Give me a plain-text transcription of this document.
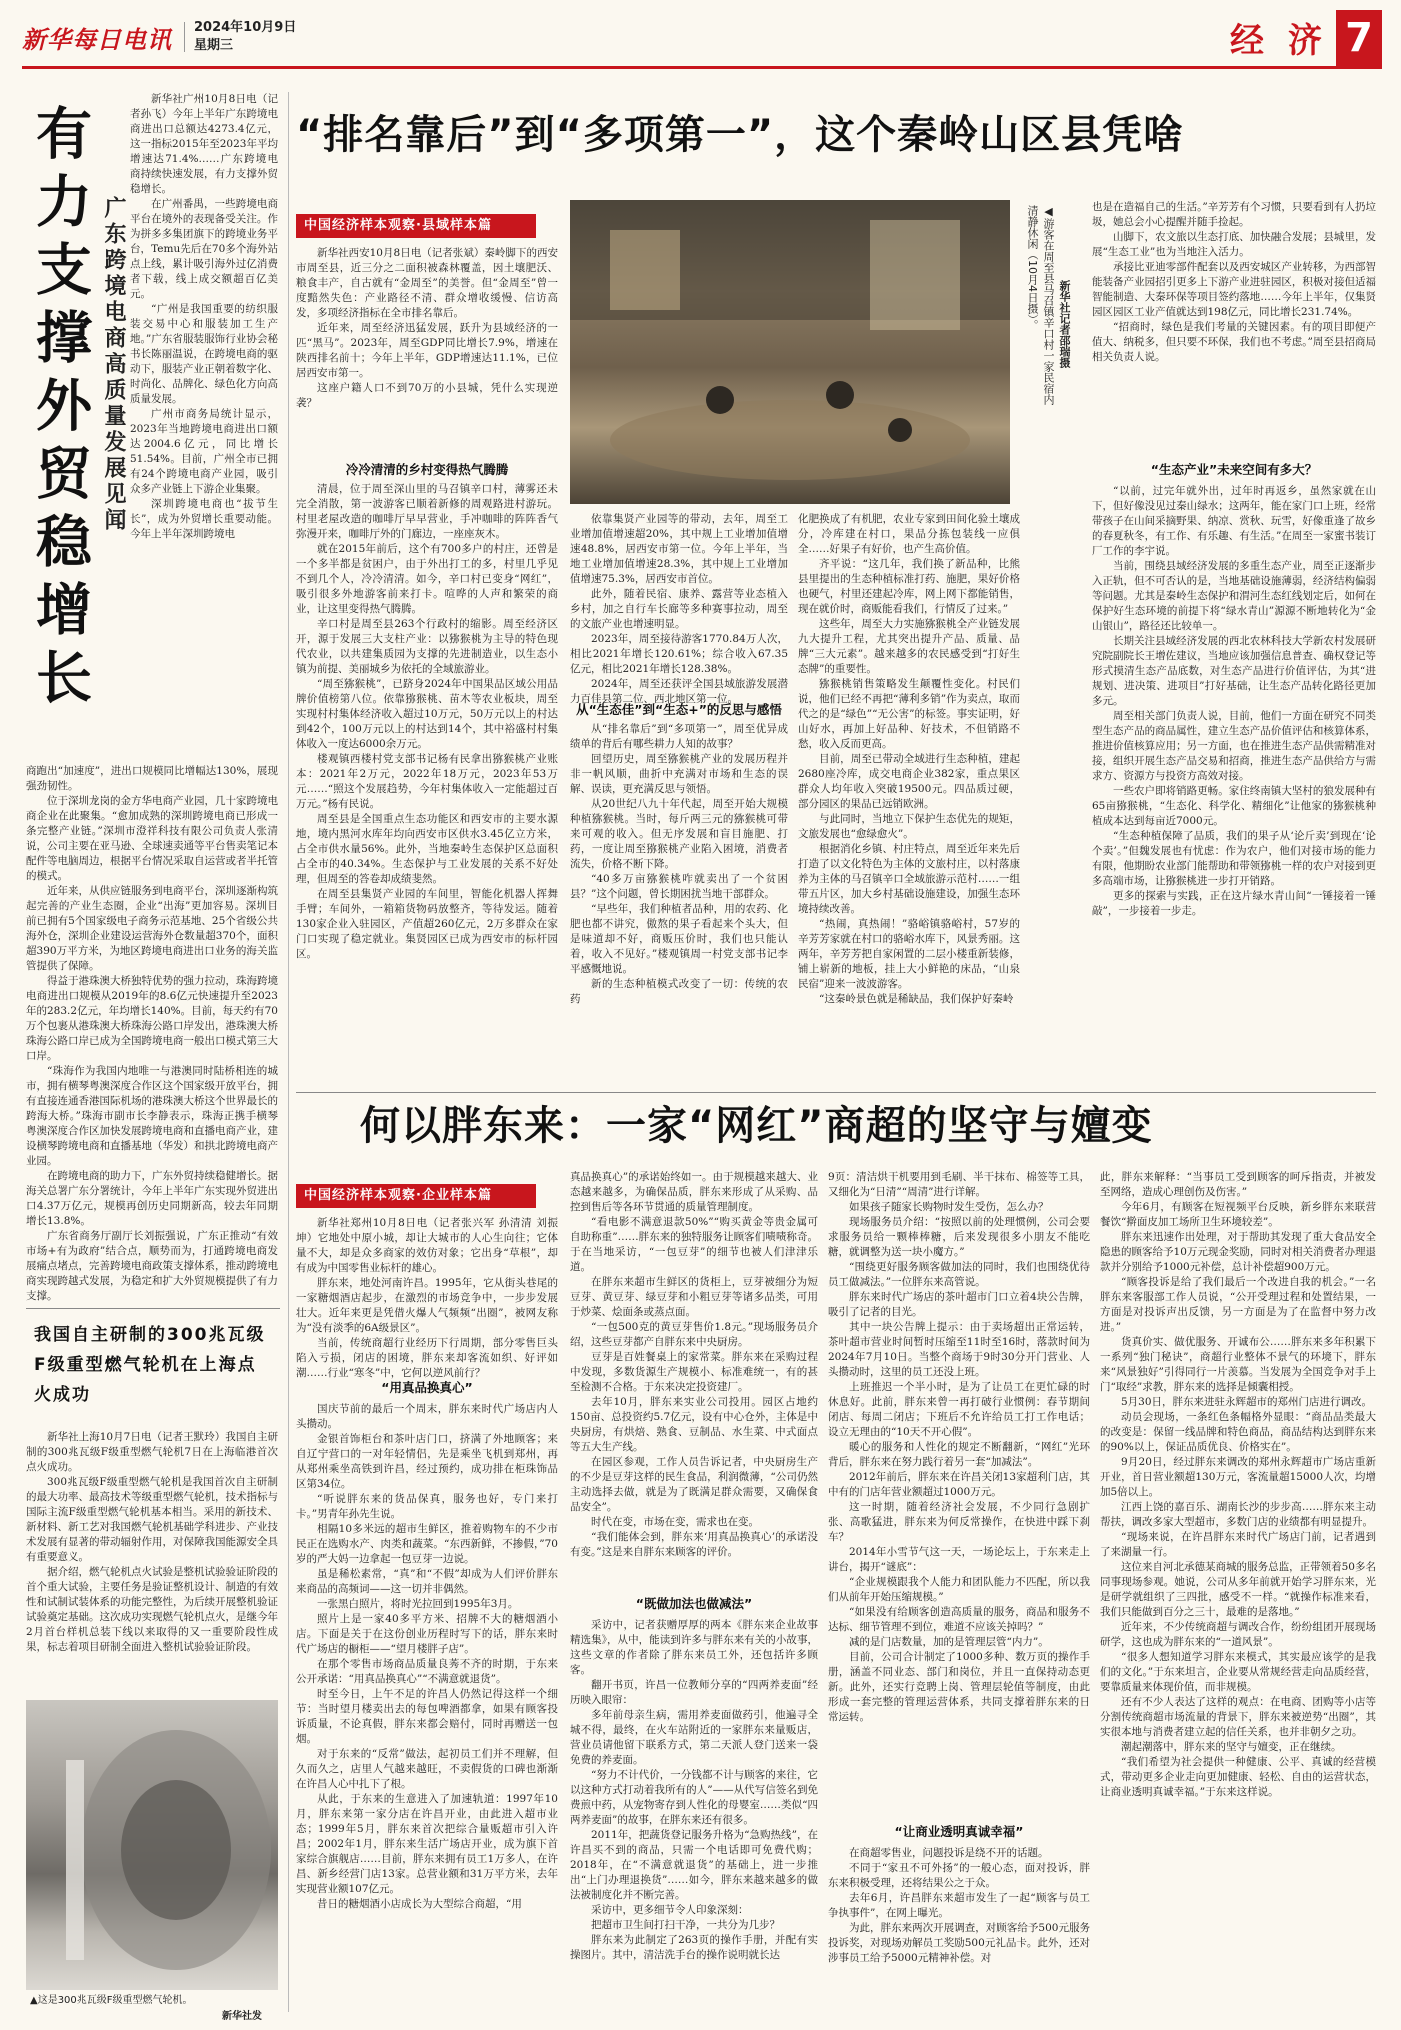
新华每日电讯 2024年10月9日
星期三	经 济 7
有力支撑外贸稳增长 广东跨境电商高质量发展见闻

新华社广州10月8日电（记者孙飞）今年上半年广东跨境电商进出口总额达4273.4亿元，这一指标2015年至2023年平均增速达71.4%……广东跨境电商持续快速发展，有力支撑外贸稳增长。

在广州番禺，一些跨境电商平台在境外的表现备受关注。作为拼多多集团旗下的跨境业务平台，Temu先后在70多个海外站点上线，累计吸引海外过亿消费者下载，线上成交额超百亿美元。

“广州是我国重要的纺织服装交易中心和服装加工生产地。”广东省服装服饰行业协会秘书长陈丽温说，在跨境电商的驱动下，服装产业正朝着数字化、时尚化、品牌化、绿色化方向高质量发展。

广州市商务局统计显示，2023年当地跨境电商进出口额达2004.6亿元，同比增长51.54%。目前，广州全市已拥有24个跨境电商产业园，吸引众多产业链上下游企业集聚。

深圳跨境电商也“拔节生长”，成为外贸增长重要动能。今年上半年深圳跨境电

商跑出“加速度”，进出口规模同比增幅达130%，展现强劲韧性。

位于深圳龙岗的金方华电商产业园，几十家跨境电商企业在此聚集。“愈加成熟的深圳跨境电商已形成一条完整产业链。”深圳市澄祥科技有限公司负责人张清说，公司主要在亚马逊、全球速卖通等平台售卖笔记本配件等电脑周边，根据平台情况采取自运营或者半托管的模式。

近年来，从供应链服务到电商平台，深圳逐渐构筑起完善的产业生态圈，企业“出海”更加容易。深圳目前已拥有5个国家级电子商务示范基地、25个省级公共海外仓，深圳企业建设运营海外仓数量超370个，面积超390万平方米，为地区跨境电商进出口业务的海关监管提供了保障。

得益于港珠澳大桥独特优势的强力拉动，珠海跨境电商进出口规模从2019年的8.6亿元快速提升至2023年的283.2亿元，年均增长140%。目前，每天约有70万个包裹从港珠澳大桥珠海公路口岸发出，港珠澳大桥珠海公路口岸已成为全国跨境电商一般出口模式第三大口岸。

“珠海作为我国内地唯一与港澳同时陆桥相连的城市，拥有横琴粤澳深度合作区这个国家级开放平台，拥有直接连通香港国际机场的港珠澳大桥这个世界最长的跨海大桥。”珠海市副市长李静表示，珠海正携手横琴粤澳深度合作区加快发展跨境电商和直播电商产业，建设横琴跨境电商和直播基地（华发）和拱北跨境电商产业园。

在跨境电商的助力下，广东外贸持续稳健增长。据海关总署广东分署统计，今年上半年广东实现外贸进出口4.37万亿元，规模再创历史同期新高，较去年同期增长13.8%。

广东省商务厅副厅长刘振强说，广东正推动“有效市场+有为政府”结合点，顺势而为，打通跨境电商发展痛点堵点，完善跨境电商政策支撑体系，推动跨境电商实现跨越式发展，为稳定和扩大外贸规模提供了有力支撑。

我国自主研制的300兆瓦级F级重型燃气轮机在上海点火成功

新华社上海10月7日电（记者王默玲）我国自主研制的300兆瓦级F级重型燃气轮机7日在上海临港首次点火成功。

300兆瓦级F级重型燃气轮机是我国首次自主研制的最大功率、最高技术等级重型燃气轮机，技术指标与国际主流F级重型燃气轮机基本相当。采用的新技术、新材料、新工艺对我国燃气轮机基础学科进步、产业技术发展有显著的带动辐射作用，对保障我国能源安全具有重要意义。

据介绍，燃气轮机点火试验是整机试验验证阶段的首个重大试验，主要任务是验证整机设计、制造的有效性和试制试装体系的功能完整性，为后续开展整机验证试验奠定基础。这次成功实现燃气轮机点火，是继今年2月首台样机总装下线以来取得的又一重要阶段性成果，标志着项目研制全面进入整机试验验证阶段。

▲这是300兆瓦级F级重型燃气轮机。
新华社发
“排名靠后”到“多项第一”，这个秦岭山区县凭啥
中国经济样本观察·县域样本篇	◀游客在周至县马召镇辛口村一家民宿内清静休闲（10月4日摄）。	新华社记者邵瑞摄

新华社西安10月8日电（记者张斌）秦岭脚下的西安市周至县，近三分之二面积被森林覆盖，因土壤肥沃、粮食丰产，自古就有“金周至”的美誉。但“金周至”曾一度黯然失色：产业路径不清、群众增收缓慢、信访高发，多项经济指标在全市排名靠后。

近年来，周至经济迅猛发展，跃升为县域经济的一匹“黑马”。2023年，周至GDP同比增长7.9%，增速在陕西排名前十；今年上半年，GDP增速达11.1%，已位居西安市第一。

这座户籍人口不到70万的小县城，凭什么实现逆袭？

冷冷清清的乡村变得热气腾腾

清晨，位于周至深山里的马召镇辛口村，薄雾还未完全消散，第一波游客已顺着新修的周观路进村游玩。村里老屋改造的咖啡厅早早营业，手冲咖啡的阵阵香气弥漫开来，咖啡厅外的门廊边，一座座灰木。

就在2015年前后，这个有700多户的村庄，还曾是一个多半都是贫困户，由于外出打工的多，村里几乎见不到几个人，冷冷清清。如今，辛口村已变身“网红”，吸引很多外地游客前来打卡。喧哗的人声和繁荣的商业，让这里变得热气腾腾。

辛口村是周至县263个行政村的缩影。周至经济区开，源于发展三大支柱产业：以猕猴桃为主导的特色现代农业，以共建集质园为支撑的先进制造业，以生态小镇为前提、美丽城乡为依托的全域旅游业。

“周至猕猴桃”，已跻身2024年中国果品区域公用品牌价值榜第八位。依靠猕猴桃、苗木等农业板块，周至实现村村集体经济收入超过10万元，50万元以上的村达到42个，100万元以上的村达到14个，其中裕盛村村集体收入一度达6000余万元。

楼观镇西楼村党支部书记杨有民拿出猕猴桃产业账本：2021年2万元，2022年18万元，2023年53万元……“照这个发展趋势，今年村集体收入一定能超过百万元。”杨有民说。

周至县是全国重点生态功能区和西安市的主要水源地，境内黑河水库年均向西安市区供水3.45亿立方米，占全市供水量56%。此外，当地秦岭生态保护区总面积占全市的40.34%。生态保护与工业发展的关系不好处理，但周至的答卷却成绩斐然。

在周至县集贤产业园的车间里，智能化机器人挥舞手臂；车间外，一箱箱货物码放整齐，等待发运。随着130家企业入驻园区，产值超260亿元，2万多群众在家门口实现了稳定就业。集贤园区已成为西安市的标杆园区。

依靠集贤产业园等的带动，去年，周至工业增加值增速超20%，其中规上工业增加值增速48.8%，居西安市第一位。今年上半年，当地工业增加值增速28.3%，其中规上工业增加值增速75.3%，居西安市首位。

此外，随着民宿、康养、露营等业态植入乡村，加之自行车长廊等多种赛事拉动，周至的文旅产业也增速明显。

2023年，周至接待游客1770.84万人次，相比2021年增长120.61%；综合收入67.35亿元，相比2021年增长128.38%。

2024年，周至还获评全国县域旅游发展潜力百佳县第二位、西北地区第一位。

从“生态佳”到“生态+”的反思与感悟

从“排名靠后”到“多项第一”，周至优异成绩单的背后有哪些耕力人知的故事？

回望历史，周至猕猴桃产业的发展历程并非一帆风顺，曲折中充满对市场和生态的误解、误读，更充满反思与领悟。

从20世纪八九十年代起，周至开始大规模种植猕猴桃。当时，每斤两三元的猕猴桃可带来可观的收入。但无序发展和盲目施肥、打药，一度让周至猕猴桃产业陷入困境，消费者流失，价格不断下降。

“40多万亩猕猴桃咋就卖出了一个贫困县？”这个问题，曾长期困扰当地干部群众。

“早些年，我们种植者品种，用的农药、化肥也都不讲究，傲熬的果子看起来个头大，但是味道却不好，商贩压价时，我们也只能认着，收入不见好。”楼观镇周一村党支部书记李平感慨地说。

新的生态种植模式改变了一切：传统的农药

化肥换成了有机肥，农业专家到田间化验土壤成分，冷库建在村口，果品分拣包装线一应俱全……好果子有好价，也产生高价值。

齐平说：“这几年，我们换了新品种，比熊县里提出的生态种植标准打药、施肥，果好价格也硬气，村里还建起冷库，网上网下都能销售，现在就价时，商贩能看我们，行情反了过来。”

这些年，周至大力实施猕猴桃全产业链发展九大提升工程，尤其突出提升产品、质量、品牌“三大元素”。越来越多的农民感受到“打好生态牌”的重要性。

猕猴桃销售策略发生颠覆性变化。村民们说，他们已经不再把“薄利多销”作为卖点，取而代之的是“绿色”“无公害”的标签。事实证明，好山好水，再加上好品种、好技术，不但销路不愁，收入反而更高。

目前，周至已带动全域进行生态种植，建起2680座冷库，成交电商企业382家，重点果区群众人均年收入突破19500元。四品质过硬，部分园区的果品已远销欧洲。

与此同时，当地立下保护生态优先的规矩，文旅发展也“愈绿愈火”。

根据消化乡镇、村庄特点，周至近年来先后打造了以文化特色为主体的文旅村庄，以村落康养为主体的马召镇辛口全域旅游示范村……一组带五片区，加大乡村基础设施建设，加强生态环境持续改善。

“热闹，真热闹！”骆峪镇骆峪村，57岁的辛芳芳家就在村口的骆峪水库下，风景秀丽。这两年，辛芳芳把自家闲置的二层小楼重新装修，铺上崭新的地板，挂上大小鲜艳的床品，“山泉民宿”迎来一波波游客。

“这秦岭景色就是稀缺品，我们保护好秦岭

也是在造福自己的生活。”辛芳芳有个习惯，只要看到有人扔垃圾，她总会小心提醒并随手捡起。

山脚下，农文旅以生态打底、加快融合发展；县城里，发展“生态工业”也为当地注入活力。

承接比亚迪零部件配套以及西安城区产业转移，为西部智能装备产业园招引更多上下游产业进驻园区，积极对接但适福智能制造、大秦环保等项目签约落地……今年上半年，仅集贤园区园区工业产值就达到198亿元，同比增长231.74%。

“招商时，绿色是我们考量的关键因素。有的项目即便产值大、纳税多，但只要不环保，我们也不考虑。”周至县招商局相关负责人说。

“生态产业”未来空间有多大？

“以前，过完年就外出，过年时再返乡，虽然家就在山下，但好像没见过秦山绿水；这两年，能在家门口上班，经常带孩子在山间采摘野果、纳凉、赏秋、玩雪，好像重逢了故乡的春夏秋冬，有工作、有乐趣、有生活。”在周至一家蜜书装订厂工作的李宇说。

当前，围绕县域经济发展的多重生态产业，周至正逐渐步入正轨，但不可否认的是，当地基础设施薄弱，经济结构偏弱等问题。尤其是秦岭生态保护和渭河生态红线划定后，如何在保护好生态环境的前提下将“绿水青山”源源不断地转化为“金山银山”，路径还比较单一。

长期关注县域经济发展的西北农林科技大学新农村发展研究院副院长王增佐建议，当地应该加强信息普查、确权登记等形式摸清生态产品底数，对生态产品进行价值评估，为其“进规划、进决策、进项目”打好基础，让生态产品转化路径更加多元。

周至相关部门负责人说，目前，他们一方面在研究不同类型生态产品的商品属性，建立生态产品价值评估和核算体系，推进价值核算应用；另一方面，也在推进生态产品供需精准对接，组织开展生态产品交易和招商，推进生态产品供给方与需求方、资源方与投资方高效对接。

一些农户即将销路更畅。家住终南镇大坚村的狼发展种有65亩猕猴桃，“生态化、科学化、精细化”让他家的猕猴桃种植成本达到每亩近7000元。

“生态种植保障了品质，我们的果子从‘论斤卖’到现在‘论个卖’。”但魏发展也有忧虑：作为农户，他们对接市场的能力有限，他期盼农业部门能帮助和带领猕桃一样的农户对接到更多高端市场，让猕猴桃进一步打开销路。

更多的探索与实践，正在这片绿水青山间“一锤接着一锤敲”，一步接着一步走。

何以胖东来：一家“网红”商超的坚守与嬗变
中国经济样本观察·企业样本篇

新华社郑州10月8日电（记者张兴军 孙清清 刘振坤）它地处中原小城，却让大城市的人心生向往；它体量不大，却是众多商家的效仿对象；它出身“草根”，却有成为中国零售业标杆的雄心。

胖东来，地处河南许昌。1995年，它从街头巷尾的一家糖烟酒店起步，在激烈的市场竞争中，一步步发展壮大。近年来更是凭借火爆人气频频“出圈”，被网友称为“没有淡季的6A级景区”。

当前，传统商超行业经历下行周期，部分零售巨头陷入亏损，闭店的困境，胖东来却客流如织、好评如潮……行业“寒冬”中，它何以逆风前行？

“用真品换真心”

国庆节前的最后一个周末，胖东来时代广场店内人头攒动。

金银首饰柜台和茶叶店门口，挤满了外地顾客；来自辽宁营口的一对年轻情侣，先是乘坐飞机到郑州，再从郑州乘坐高铁到许昌，经过预约，成功排在柜珠饰品区第34位。

“听说胖东来的货品保真，服务也好，专门来打卡。”男青年孙先生说。

相隔10多米远的超市生鲜区，推着购物车的不少市民正在选购水产、肉类和蔬菜。“东西新鲜，不掺假，”70岁的严大妈一边拿起一包豆芽一边说。

虽是稀松素常，“真”和“不假”却成为人们评价胖东来商品的高频词——这一切并非偶然。

一张黑白照片，将时光拉回到1995年3月。

照片上是一家40多平方米、招牌不大的糖烟酒小店。下面是关于在这份创业历程时写下的话，胖东来时代广场店的橱柜——“望月楼胖子店”。

在那个零售市场商品质量良莠不齐的时期，于东来公开承诺：“用真品换真心”“不满意就退货”。

时至今日，上午不足的许昌人仍然记得这样一个细节：当时望月楼卖出去的每包啤酒都拿，如果有顾客投诉质量，不论真假，胖东来都会赔付，同时再赠送一包烟。

对于东来的“反常”做法，起初员工们并不理解，但久而久之，店里人气越来越旺，不卖假货的口碑也渐渐在许昌人心中扎下了根。

从此，于东来的生意进入了加速轨道：1997年10月，胖东来第一家分店在许昌开业，由此进入超市业态；1999年5月，胖东来首次把综合量贩超市引入许昌；2002年1月，胖东来生活广场店开业，成为旗下首家综合旗舰店……目前，胖东来拥有员工1万多人，在许昌、新乡经营门店13家。总营业额和31万平方米，去年实现营业额107亿元。

昔日的糖烟酒小店成长为大型综合商超，“用

真品换真心”的承诺始终如一。由于规模越来越大、业态越来越多，为确保品质，胖东来形成了从采购、品控到售后等各环节贯通的质量管理制度。

“看电影不满意退款50%”“购买黄金等贵金属可自助称重”……胖东来的独特服务让顾客们啧啧称奇。于在当地采访，“一包豆芽”的细节也被人们津津乐道。

在胖东来超市生鲜区的货柜上，豆芽被细分为短豆芽、黄豆芽、绿豆芽和小粗豆芽等诸多品类，可用于炒菜、烩面条或蒸点面。

“一包500克的黄豆芽售价1.8元。”现场服务员介绍，这些豆芽都产自胖东来中央厨房。

豆芽是百姓餐桌上的家常菜。胖东来在采购过程中发现，多数货源生产规模小、标准难统一，有的甚至检测不合格。于东来决定投资建厂。

去年10月，胖东来实业公司投用。园区占地约150亩、总投资约5.7亿元，设有中心仓外，主体是中央厨房，有烘焙、熟食、豆制品、水生菜、中式面点等五大生产线。

在园区参观，工作人员告诉记者，中央厨房生产的不少是豆芽这样的民生食品，利润微薄，“公司仍然主动选择去做，就是为了既满足群众需要，又确保食品安全”。

时代在变，市场在变，需求也在变。

“我们能体会到，胖东来‘用真品换真心’的承诺没有变。”这是来自胖东来顾客的评价。

“既做加法也做减法”

采访中，记者获赠厚厚的两本《胖东来企业故事精选集》，从中，能读到许多与胖东来有关的小故事，这些文章的作者除了胖东来员工外，还包括许多顾客。

翻开书页，许昌一位教师分享的“四两养麦面”经历映入眼帘：

多年前母亲生病，需用养麦面做药引，他遍寻全城不得，最终，在火车站附近的一家胖东来量贩店，营业员请他留下联系方式，第二天派人登门送来一袋免费的养麦面。

“努力不计代价，一分钱都不计与顾客的来往，它以这种方式打动着我所有的人”——从代写信签名到免费煎中药，从宠物寄存到人性化的母婴室……类似“四两养麦面”的故事，在胖东来还有很多。

2011年，把蔬货登记服务升格为“急购热线”，在许昌买不到的商品，只需一个电话即可免费代购；2018年，在“不满意就退货”的基础上，进一步推出“上门办理退换货”……如今，胖东来越来越多的做法被制度化并不断完善。

采访中，更多细节令人印象深刻：

把超市卫生间打扫干净，一共分为几步？

胖东来为此制定了263页的操作手册，并配有实操图片。其中，清洁洗手台的操作说明就长达

9页：清洁烘干机要用到毛刷、半干抹布、棉签等工具，又细化为“日清”“周清”进行详解。

如果孩子随家长购物时发生受伤，怎么办？

现场服务员介绍：“按照以前的处理惯例，公司会要求服务员给一颗棒棒糖，后来发现很多小朋友不能吃糖，就调整为送一块小魔方。”

“围绕更好服务顾客做加法的同时，我们也围绕优待员工做减法。”一位胖东来高管说。

胖东来时代广场店的茶叶超市门口立着4块公告牌，吸引了记者的目光。

其中一块公告牌上提示：由于卖场超出正常运转，茶叶超市营业时间暂时压缩至11时至16时，落款时间为2024年7月10日。当整个商场于9时30分开门营业、人头攒动时，这里的员工还没上班。

上班推迟一个半小时，是为了让员工在更忙碌的时休息好。此前，胖东来曾一再打破行业惯例：春节期间闭店、每周二闭店；下班后不允许给员工打工作电话；设立无理由的“10天不开心假”。

暖心的服务和人性化的规定不断翻新，“网红”光环背后，胖东来在努力践行着另一套“加减法”。

2012年前后，胖东来在许昌关闭13家超利门店，其中有的门店年营业额超过1000万元。

这一时期，随着经济社会发展，不少同行急剧扩张、高歌猛进，胖东来为何反常操作，在快进中踩下刹车？

2014年小雪节气这一天，一场论坛上，于东来走上讲台，揭开“谜底”：

“企业规模跟我个人能力和团队能力不匹配，所以我们从前年开始压缩规模。”

“如果没有给顾客创造高质量的服务，商品和服务不达标、细节管理不到位，难道不应该关掉吗？”

减的是门店数量，加的是管理层管“内力”。

目前，公司合计制定了1000多种、数万页的操作手册，涵盖不同业态、部门和岗位，并且一直保持动态更新。此外，还实行竞聘上岗、管理层轮值等制度，由此形成一套完整的管理运营体系，共同支撑着胖东来的日常运转。

“让商业透明真诚幸福”

在商超零售业，问题投诉是绕不开的话题。

不同于“家丑不可外扬”的一般心态，面对投诉，胖东来积极受理，还将结果公之于众。

去年6月，许昌胖东来超市发生了一起“顾客与员工争执事件”，在网上曝光。

为此，胖东来两次开展调查，对顾客给予500元服务投诉奖，对现场劝解员工奖励500元礼品卡。此外，还对涉事员工给予5000元精神补偿。对

此，胖东来解释：“当事员工受到顾客的呵斥指责，并被发至网络，造成心理创伤及伤害。”

今年6月，有顾客在短视频平台反映，新乡胖东来联营餐饮“擀面皮加工场所卫生环境较差”。

胖东来迅速作出处理，对于帮助其发现了重大食品安全隐患的顾客给予10万元现金奖励，同时对相关消费者办理退款并分别给予1000元补偿，总计补偿超900万元。

“顾客投诉是给了我们最后一个改进自我的机会。”一名胖东来客服部工作人员说，“公开受理过程和处置结果，一方面是对投诉声出反馈，另一方面是为了在监督中努力改进。”

货真价实、做优服务、开诚布公……胖东来多年积累下一系列“独门秘诀”，商超行业整体不景气的环境下，胖东来“风景独好”引得同行一片羡慕。当发展为全国竞争对手上门“取经”求教，胖东来的选择是倾囊相授。

5月30日，胖东来进驻永辉超市的郑州门店进行调改。

动员会现场，一条红色条幅格外显眼：“商品品类最大的改变是：保留一线品牌和特色商品，商品结构达到胖东来的90%以上，保证品质优良、价格实在”。

9月20日，经过胖东来调改的郑州永辉超市广场店重新开业，首日营业额超130万元，客流量超15000人次，均增加5倍以上。

江西上饶的嘉百乐、湖南长沙的步步高……胖东来主动帮扶，调改多家大型超市，多数门店的业绩都有明显提升。

“现场来说，在许昌胖东来时代广场店门前，记者遇到了来湖量一行。

这位来自河北承德某商城的服务总监，正带领着50多名同事现场参观。她说，公司从多年前就开始学习胖东来，光是研学就组织了三四批，感受不一样。“就操作标准来看，我们只能做到百分之三十，最难的是落地。”

近年来，不少传统商超与调改合作，纷纷组团开展现场研学，这也成为胖东来的“一道风景”。

“很多人想知道学习胖东来模式，其实最应该学的是我们的文化。”于东来坦言，企业要从常规经营走向品质经营，要靠质量来体现价值，而非规模。

还有不少人表达了这样的观点：在电商、团购等小店等分割传统商超市场流量的背景下，胖东来被逆势“出圈”，其实很本地与消费者建立起的信任关系，也并非朝夕之功。

潮起潮落中，胖东来的坚守与嬗变，正在继续。

“我们希望为社会提供一种健康、公平、真诚的经营模式，带动更多企业走向更加健康、轻松、自由的运营状态，让商业透明真诚幸福。”于东来这样说。
